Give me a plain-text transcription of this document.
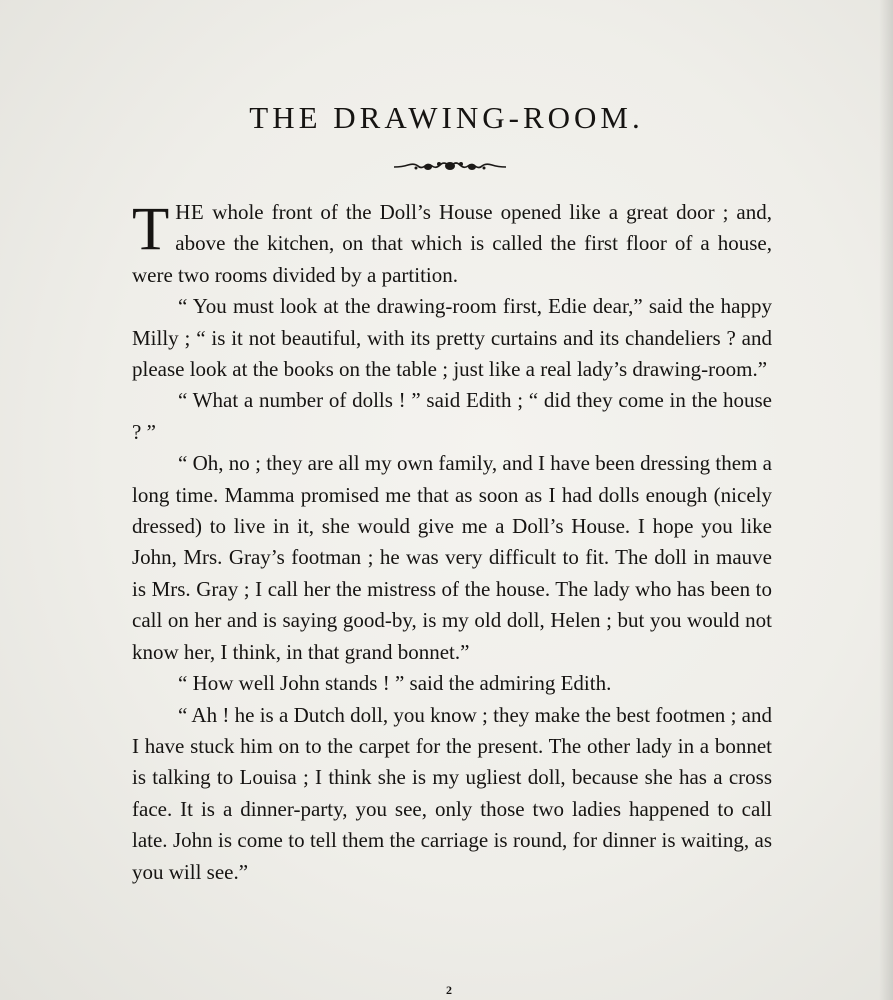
THE DRAWING-ROOM.

THE whole front of the Doll’s House opened like a great door ; and, above the kitchen, on that which is called the first floor of a house, were two rooms divided by a partition.

“ You must look at the drawing-room first, Edie dear,” said the happy Milly ; “ is it not beautiful, with its pretty curtains and its chandeliers ? and please look at the books on the table ; just like a real lady’s drawing-room.”

“ What a number of dolls ! ” said Edith ; “ did they come in the house ? ”

“ Oh, no ; they are all my own family, and I have been dressing them a long time. Mamma promised me that as soon as I had dolls enough (nicely dressed) to live in it, she would give me a Doll’s House. I hope you like John, Mrs. Gray’s footman ; he was very difficult to fit. The doll in mauve is Mrs. Gray ; I call her the mistress of the house. The lady who has been to call on her and is saying good-by, is my old doll, Helen ; but you would not know her, I think, in that grand bonnet.”

“ How well John stands ! ” said the admiring Edith.

“ Ah ! he is a Dutch doll, you know ; they make the best footmen ; and I have stuck him on to the carpet for the present. The other lady in a bonnet is talking to Louisa ; I think she is my ugliest doll, because she has a cross face. It is a dinner-party, you see, only those two ladies happened to call late. John is come to tell them the carriage is round, for dinner is waiting, as you will see.”

2
